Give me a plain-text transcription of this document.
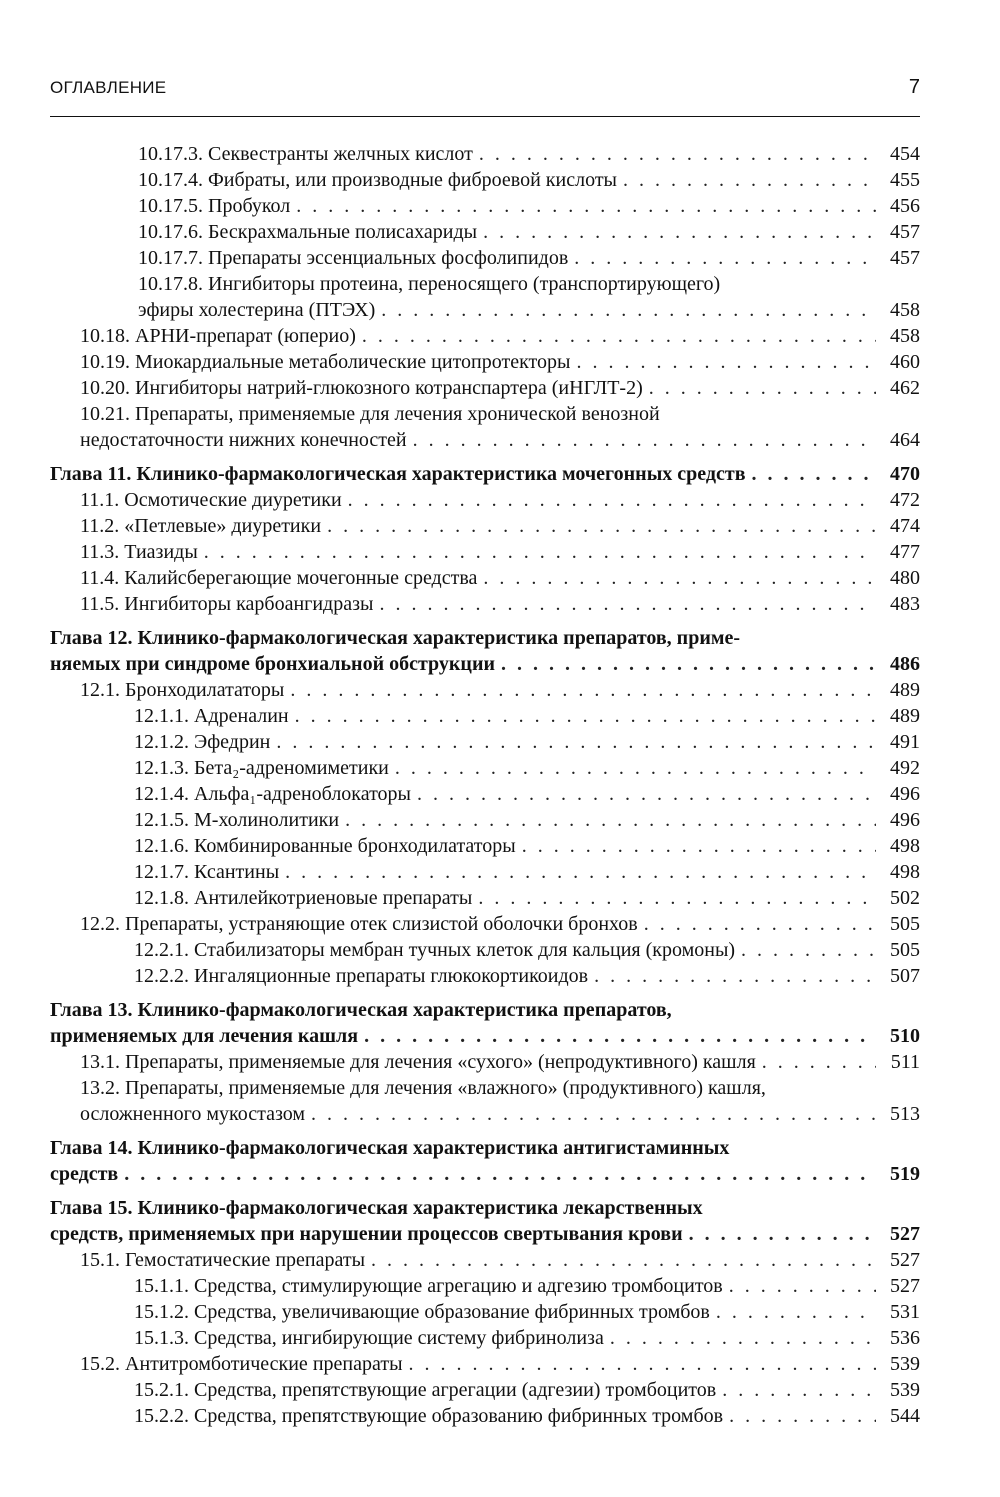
ОГЛАВЛЕНИЕ	7
10.17.3. Секвестранты желчных кислот . . .	454
10.17.4. Фибраты, или производные фиброевой кислоты . . .	455
10.17.5. Пробукол . . .	456
10.17.6. Бескрахмальные полисахариды . . .	457
10.17.7. Препараты эссенциальных фосфолипидов . . .	457
10.17.8. Ингибиторы протеина, переносящего (транспортирующего)
эфиры холестерина (ПТЭХ) . . .	458
10.18. АРНИ-препарат (юперио) . . .	458
10.19. Миокардиальные метаболические цитопротекторы . . .	460
10.20. Ингибиторы натрий-глюкозного котранспартера (иНГЛТ-2) . . .	462
10.21. Препараты, применяемые для лечения хронической венозной
недостаточности нижних конечностей . . .	464
Глава 11. Клинико-фармакологическая характеристика мочегонных средств . . .	470
11.1. Осмотические диуретики . . .	472
11.2. «Петлевые» диуретики . . .	474
11.3. Тиазиды . . .	477
11.4. Калийсберегающие мочегонные средства . . .	480
11.5. Ингибиторы карбоангидразы . . .	483
Глава 12. Клинико-фармакологическая характеристика препаратов, приме-
няемых при синдроме бронхиальной обструкции . . .	486
12.1. Бронходилататоры . . .	489
12.1.1. Адреналин . . .	489
12.1.2. Эфедрин . . .	491
12.1.3. Бета₂-адреномиметики . . .	492
12.1.4. Альфа₁-адреноблокаторы . . .	496
12.1.5. М-холинолитики . . .	496
12.1.6. Комбинированные бронходилататоры . . .	498
12.1.7. Ксантины . . .	498
12.1.8. Антилейкотриеновые препараты . . .	502
12.2. Препараты, устраняющие отек слизистой оболочки бронхов . . .	505
12.2.1. Стабилизаторы мембран тучных клеток для кальция (кромоны) . . .	505
12.2.2. Ингаляционные препараты глюкокортикоидов . . .	507
Глава 13. Клинико-фармакологическая характеристика препаратов,
применяемых для лечения кашля . . .	510
13.1. Препараты, применяемые для лечения «сухого» (непродуктивного) кашля . . .	511
13.2. Препараты, применяемые для лечения «влажного» (продуктивного) кашля,
осложненного мукостазом . . .	513
Глава 14. Клинико-фармакологическая характеристика антигистаминных
средств . . .	519
Глава 15. Клинико-фармакологическая характеристика лекарственных
средств, применяемых при нарушении процессов свертывания крови . . .	527
15.1. Гемостатические препараты . . .	527
15.1.1. Средства, стимулирующие агрегацию и адгезию тромбоцитов . . .	527
15.1.2. Средства, увеличивающие образование фибринных тромбов . . .	531
15.1.3. Средства, ингибирующие систему фибринолиза . . .	536
15.2. Антитромботические препараты . . .	539
15.2.1. Средства, препятствующие агрегации (адгезии) тромбоцитов . . .	539
15.2.2. Средства, препятствующие образованию фибринных тромбов . . .	544
